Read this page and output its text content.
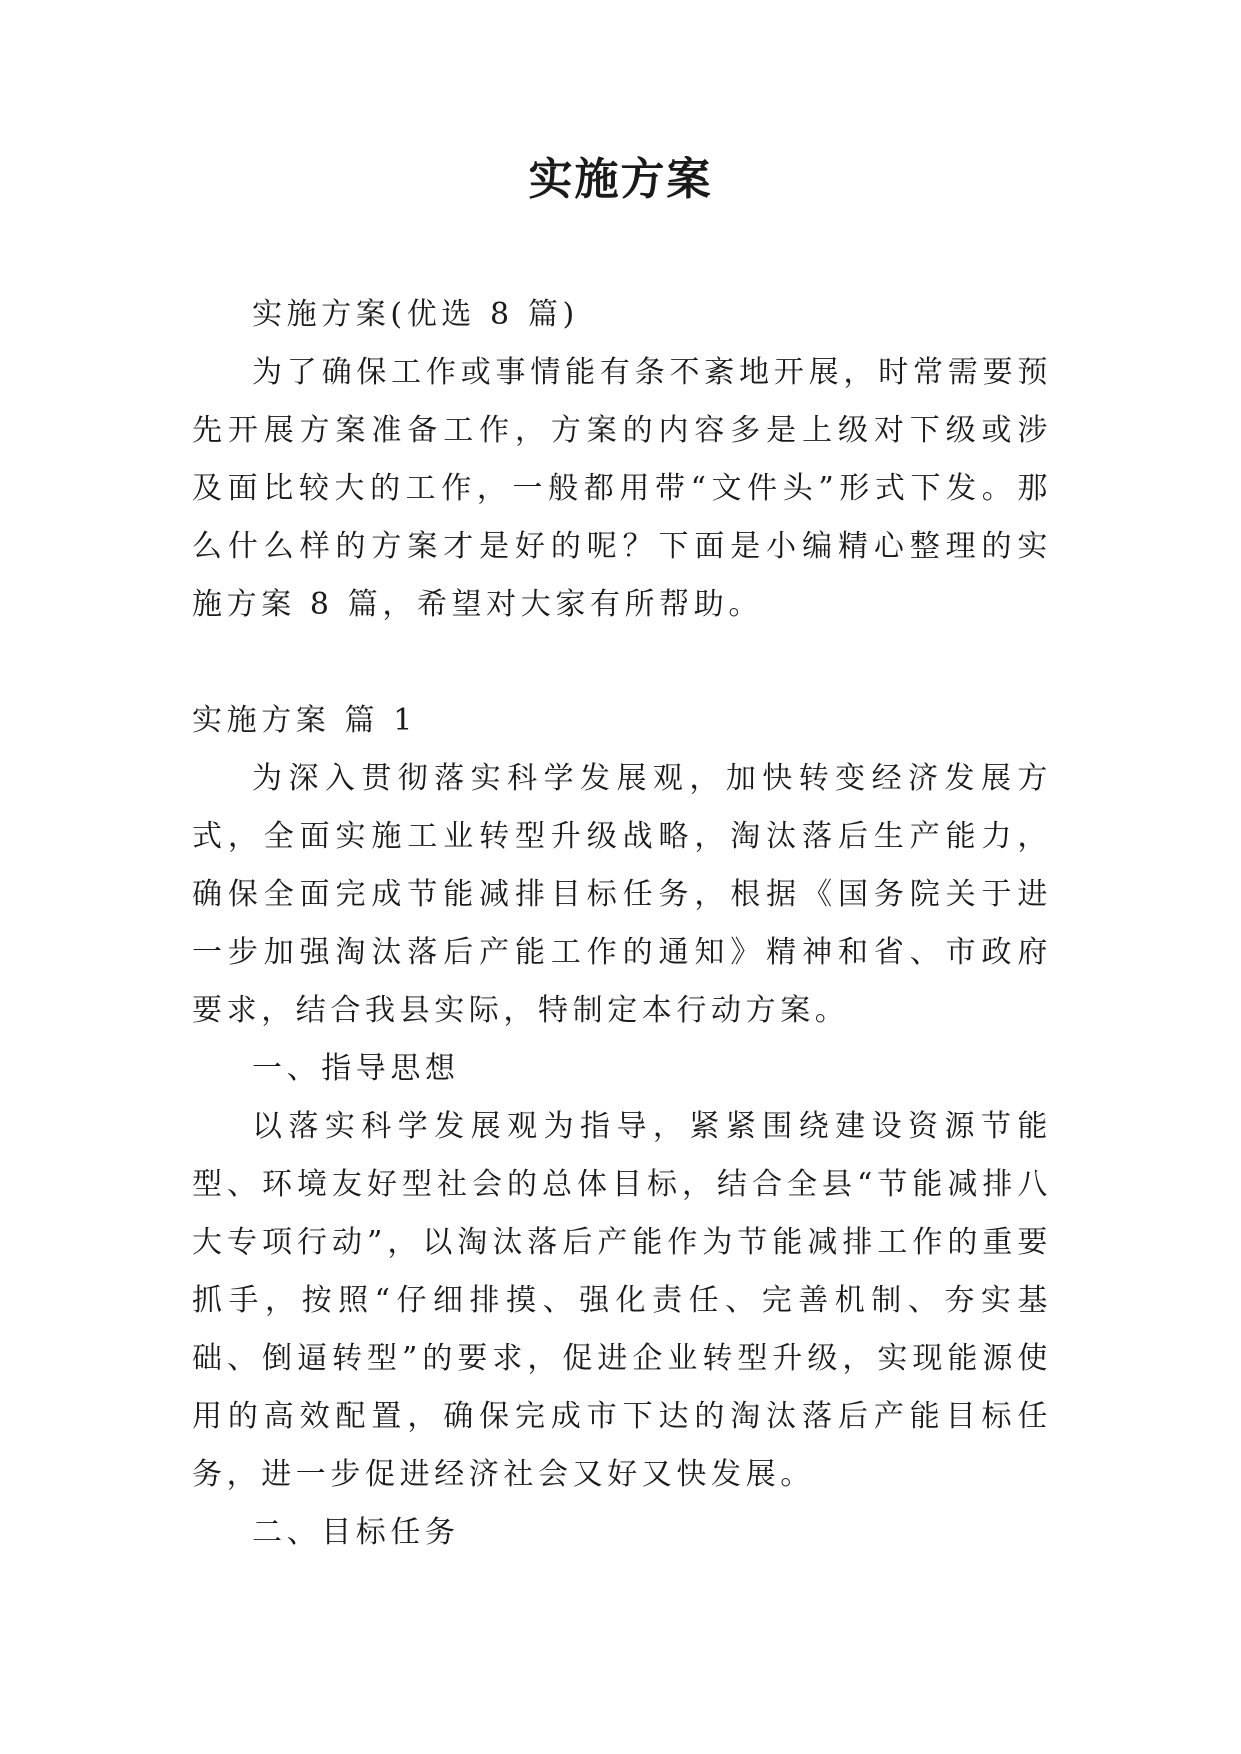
实施方案

实施方案(优选 8 篇)

为了确保工作或事情能有条不紊地开展，时常需要预先开展方案准备工作，方案的内容多是上级对下级或涉及面比较大的工作，一般都用带“文件头”形式下发。那么什么样的方案才是好的呢？下面是小编精心整理的实施方案 8 篇，希望对大家有所帮助。

实施方案 篇 1

为深入贯彻落实科学发展观，加快转变经济发展方式，全面实施工业转型升级战略，淘汰落后生产能力，确保全面完成节能减排目标任务，根据《国务院关于进一步加强淘汰落后产能工作的通知》精神和省、市政府要求，结合我县实际，特制定本行动方案。

一、指导思想

以落实科学发展观为指导，紧紧围绕建设资源节能型、环境友好型社会的总体目标，结合全县“节能减排八大专项行动”，以淘汰落后产能作为节能减排工作的重要抓手，按照“仔细排摸、强化责任、完善机制、夯实基础、倒逼转型”的要求，促进企业转型升级，实现能源使用的高效配置，确保完成市下达的淘汰落后产能目标任务，进一步促进经济社会又好又快发展。

二、目标任务
